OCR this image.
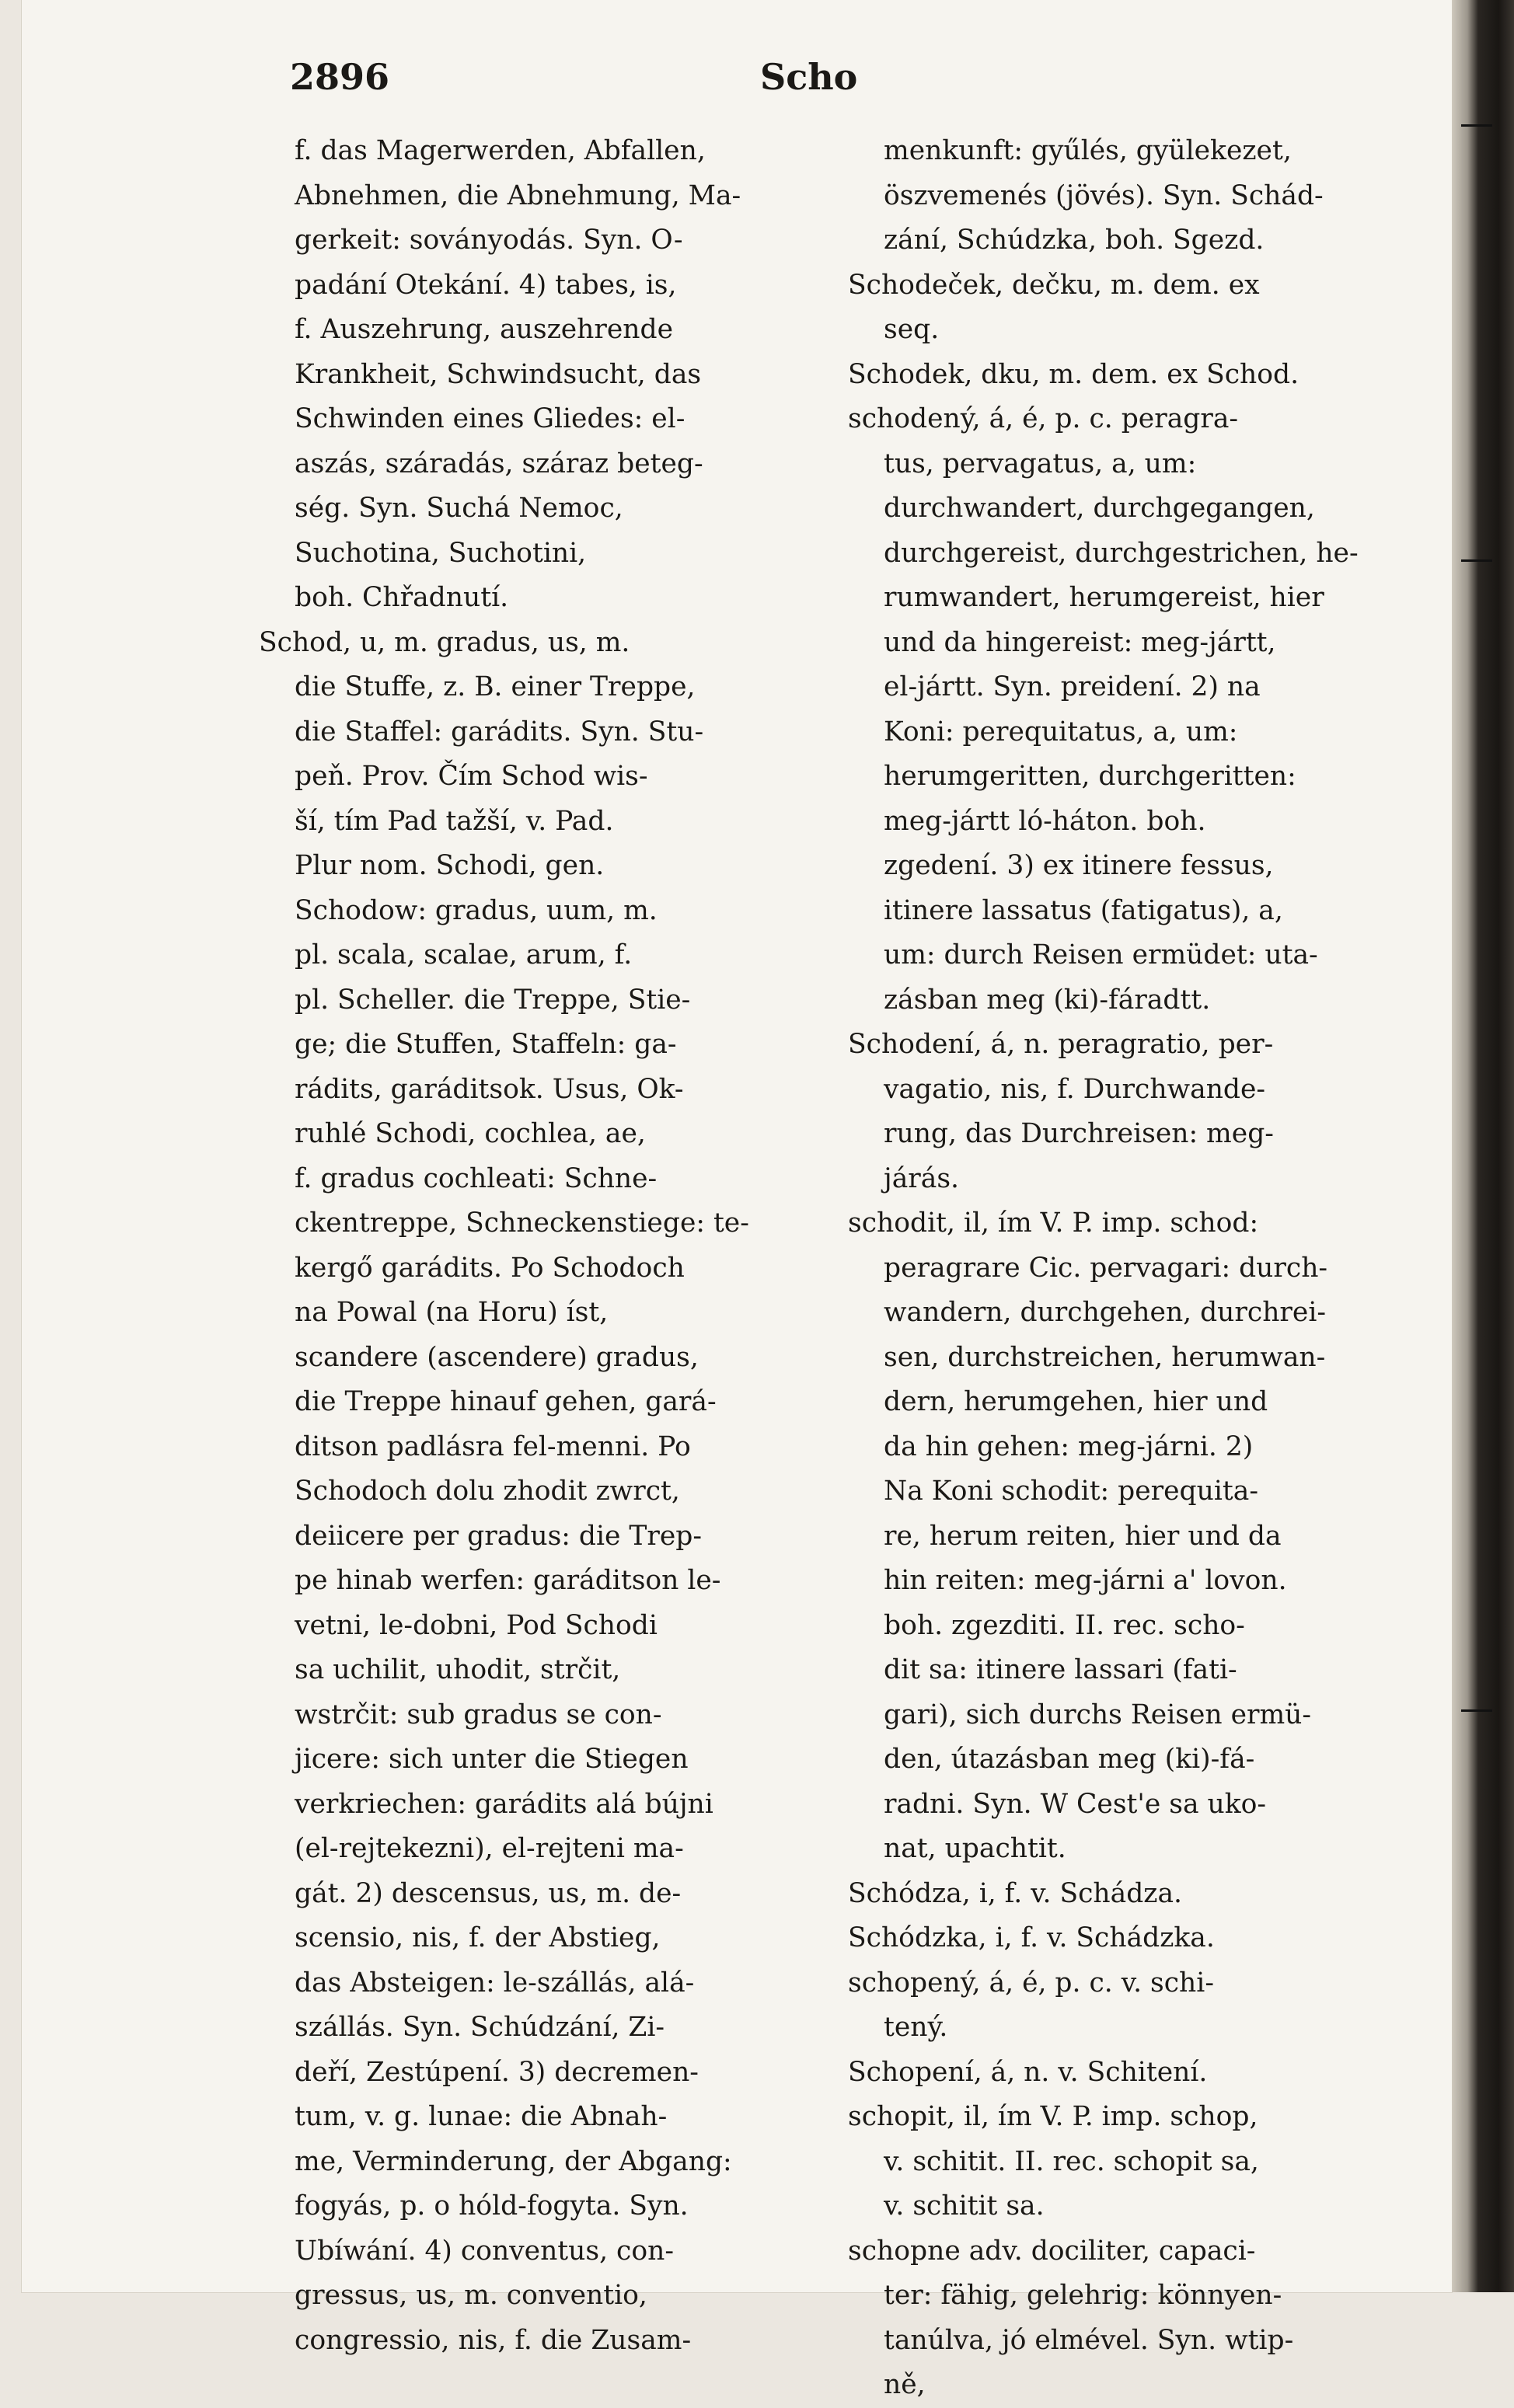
2896	Scho
f. das Magerwerden, Abfallen,
Abnehmen, die Abnehmung, Ma-
gerkeit: soványodás. Syn. O-
padání Otekání. 4) tabes, is,
f. Auszehrung, auszehrende
Krankheit, Schwindsucht, das
Schwinden eines Gliedes: el-
aszás, száradás, száraz beteg-
ség. Syn. Suchá Nemoc,
Suchotina, Suchotini,
boh. Chřadnutí.
Schod, u, m. gradus, us, m.
die Stuffe, z. B. einer Treppe,
die Staffel: garádits. Syn. Stu-
peň. Prov. Čím Schod wis-
ší, tím Pad tažší, v. Pad.
Plur nom. Schodi, gen.
Schodow: gradus, uum, m.
pl. scala, scalae, arum, f.
pl. Scheller. die Treppe, Stie-
ge; die Stuffen, Staffeln: ga-
rádits, garáditsok. Usus, Ok-
ruhlé Schodi, cochlea, ae,
f. gradus cochleati: Schne-
ckentreppe, Schneckenstiege: te-
kergő garádits. Po Schodoch
na Powal (na Horu) íst,
scandere (ascendere) gradus,
die Treppe hinauf gehen, gará-
ditson padlásra fel-menni. Po
Schodoch dolu zhodit zwrct,
deiicere per gradus: die Trep-
pe hinab werfen: garáditson le-
vetni, le-dobni, Pod Schodi
sa uchilit, uhodit, strčit,
wstrčit: sub gradus se con-
jicere: sich unter die Stiegen
verkriechen: garádits alá bújni
(el-rejtekezni), el-rejteni ma-
gát. 2) descensus, us, m. de-
scensio, nis, f. der Abstieg,
das Absteigen: le-szállás, alá-
szállás. Syn. Schúdzání, Zi-
deří, Zestúpení. 3) decremen-
tum, v. g. lunae: die Abnah-
me, Verminderung, der Abgang:
fogyás, p. o hóld-fogyta. Syn.
Ubíwání. 4) conventus, con-
gressus, us, m. conventio,
congressio, nis, f. die Zusam-
menkunft: gyűlés, gyülekezet,
öszvemenés (jövés). Syn. Schád-
zání, Schúdzka, boh. Sgezd.
Schodeček, dečku, m. dem. ex
seq.
Schodek, dku, m. dem. ex Schod.
schodený, á, é, p. c. peragra-
tus, pervagatus, a, um:
durchwandert, durchgegangen,
durchgereist, durchgestrichen, he-
rumwandert, herumgereist, hier
und da hingereist: meg-jártt,
el-jártt. Syn. preidení. 2) na
Koni: perequitatus, a, um:
herumgeritten, durchgeritten:
meg-jártt ló-háton. boh.
zgedení. 3) ex itinere fessus,
itinere lassatus (fatigatus), a,
um: durch Reisen ermüdet: uta-
zásban meg (ki)-fáradtt.
Schodení, á, n. peragratio, per-
vagatio, nis, f. Durchwande-
rung, das Durchreisen: meg-
járás.
schodit, il, ím V. P. imp. schod:
peragrare Cic. pervagari: durch-
wandern, durchgehen, durchrei-
sen, durchstreichen, herumwan-
dern, herumgehen, hier und
da hin gehen: meg-járni. 2)
Na Koni schodit: perequita-
re, herum reiten, hier und da
hin reiten: meg-járni a' lovon.
boh. zgezditi. II. rec. scho-
dit sa: itinere lassari (fati-
gari), sich durchs Reisen ermü-
den, útazásban meg (ki)-fá-
radni. Syn. W Cest'e sa uko-
nat, upachtit.
Schódza, i, f. v. Schádza.
Schódzka, i, f. v. Schádzka.
schopený, á, é, p. c. v. schi-
tený.
Schopení, á, n. v. Schitení.
schopit, il, ím V. P. imp. schop,
v. schitit. II. rec. schopit sa,
v. schitit sa.
schopne adv. dociliter, capaci-
ter: fähig, gelehrig: könnyen-
tanúlva, jó elmével. Syn. wtip-
ně,
